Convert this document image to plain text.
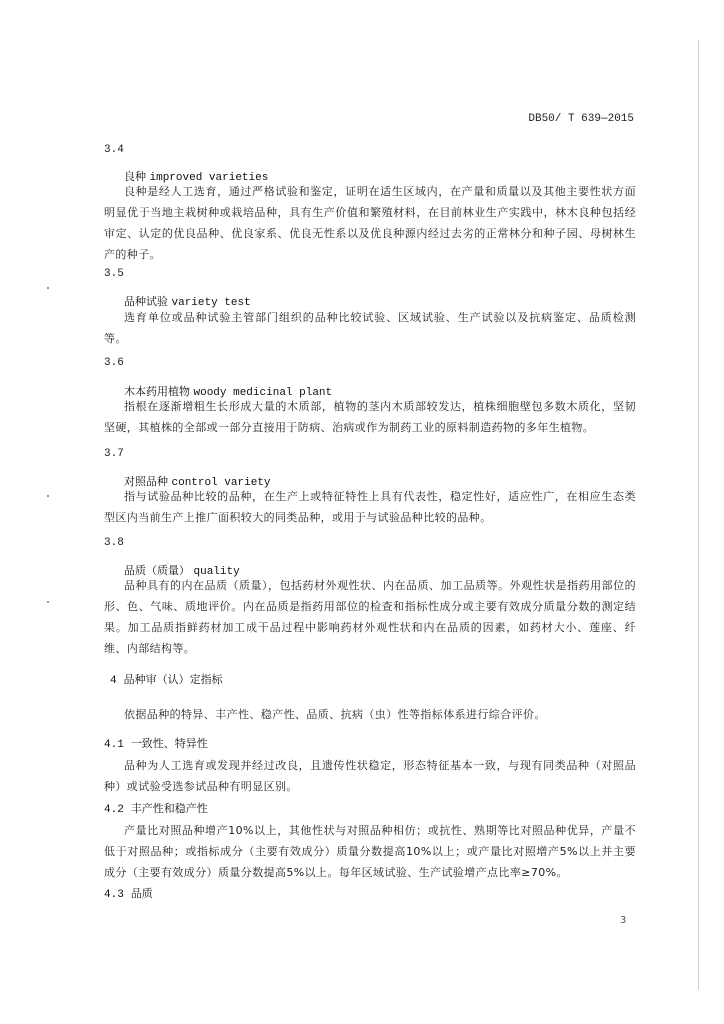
DB50/ T 639—2015
3.4
良种 improved varieties
良种是经人工选育，通过严格试验和鉴定，证明在适生区域内，在产量和质量以及其他主要性状方面明显优于当地主栽树种或栽培品种，具有生产价值和繁殖材料，在目前林业生产实践中，林木良种包括经审定、认定的优良品种、优良家系、优良无性系以及优良种源内经过去劣的正常林分和种子园、母树林生产的种子。
3.5
品种试验 variety test
选育单位或品种试验主管部门组织的品种比较试验、区域试验、生产试验以及抗病鉴定、品质检测等。
3.6
木本药用植物 woody medicinal plant
指根在逐渐增粗生长形成大量的木质部，植物的茎内木质部较发达，植株细胞壁包多数木质化，坚韧坚硬，其植株的全部或一部分直接用于防病、治病或作为制药工业的原料制造药物的多年生植物。
3.7
对照品种 control variety
指与试验品种比较的品种，在生产上或特征特性上具有代表性，稳定性好，适应性广，在相应生态类型区内当前生产上推广面积较大的同类品种，或用于与试验品种比较的品种。
3.8
品质（质量） quality
品种具有的内在品质（质量），包括药材外观性状、内在品质、加工品质等。外观性状是指药用部位的形、色、气味、质地评价。内在品质是指药用部位的检查和指标性成分或主要有效成分质量分数的测定结果。加工品质指鲜药材加工成干品过程中影响药材外观性状和内在品质的因素，如药材大小、莲座、纤维、内部结构等。
4 品种审（认）定指标
依据品种的特异、丰产性、稳产性、品质、抗病（虫）性等指标体系进行综合评价。
4.1 一致性、特异性
品种为人工选育或发现并经过改良，且遗传性状稳定，形态特征基本一致，与现有同类品种（对照品种）或试验受选参试品种有明显区别。
4.2 丰产性和稳产性
产量比对照品种增产10%以上，其他性状与对照品种相仿；或抗性、熟期等比对照品种优异，产量不低于对照品种；或指标成分（主要有效成分）质量分数提高10%以上；或产量比对照增产5%以上并主要成分（主要有效成分）质量分数提高5%以上。每年区域试验、生产试验增产点比率≥70%。
4.3 品质
3
